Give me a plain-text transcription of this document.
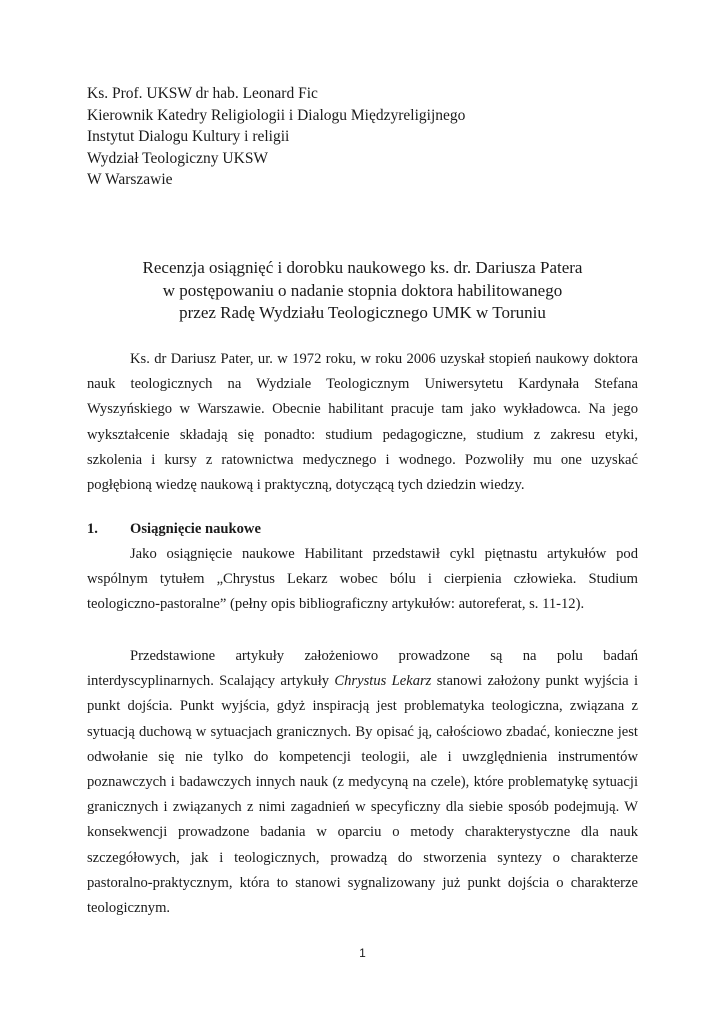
Ks. Prof. UKSW dr hab. Leonard Fic
Kierownik Katedry Religiologii i Dialogu Międzyreligijnego
Instytut Dialogu Kultury i religii
Wydział Teologiczny UKSW
W Warszawie
Recenzja osiągnięć i dorobku naukowego ks. dr. Dariusza Patera
w postępowaniu o nadanie stopnia doktora habilitowanego
przez Radę Wydziału Teologicznego UMK w Toruniu

Ks. dr Dariusz Pater, ur. w 1972 roku, w roku 2006 uzyskał stopień naukowy doktora nauk teologicznych na Wydziale Teologicznym Uniwersytetu Kardynała Stefana Wyszyńskiego w Warszawie. Obecnie habilitant pracuje tam jako wykładowca. Na jego wykształcenie składają się ponadto: studium pedagogiczne, studium z zakresu etyki, szkolenia i kursy z ratownictwa medycznego i wodnego. Pozwoliły mu one uzyskać pogłębioną wiedzę naukową i praktyczną, dotyczącą tych dziedzin wiedzy.

1. Osiągnięcie naukowe

Jako osiągnięcie naukowe Habilitant przedstawił cykl piętnastu artykułów pod wspólnym tytułem „Chrystus Lekarz wobec bólu i cierpienia człowieka. Studium teologiczno-pastoralne” (pełny opis bibliograficzny artykułów: autoreferat, s. 11-12).

Przedstawione artykuły założeniowo prowadzone są na polu badań interdyscyplinarnych. Scalający artykuły Chrystus Lekarz stanowi założony punkt wyjścia i punkt dojścia. Punkt wyjścia, gdyż inspiracją jest problematyka teologiczna, związana z sytuacją duchową w sytuacjach granicznych. By opisać ją, całościowo zbadać, konieczne jest odwołanie się nie tylko do kompetencji teologii, ale i uwzględnienia instrumentów poznawczych i badawczych innych nauk (z medycyną na czele), które problematykę sytuacji granicznych i związanych z nimi zagadnień w specyficzny dla siebie sposób podejmują. W konsekwencji prowadzone badania w oparciu o metody charakterystyczne dla nauk szczegółowych, jak i teologicznych, prowadzą do stworzenia syntezy o charakterze pastoralno-praktycznym, która to stanowi sygnalizowany już punkt dojścia o charakterze teologicznym.

1
